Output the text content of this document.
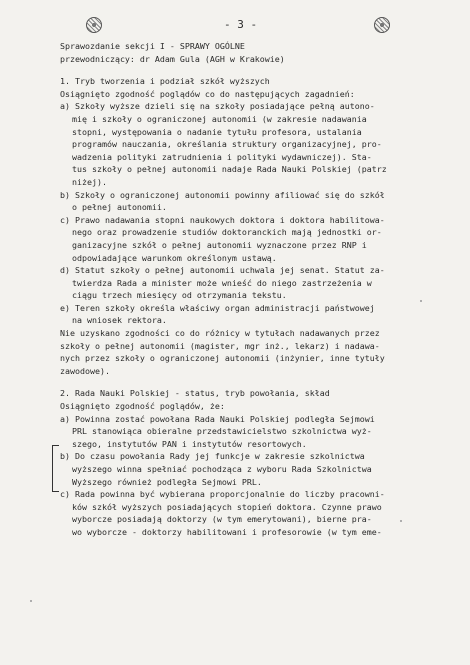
- 3 -
Sprawozdanie sekcji I - SPRAWY OGÓLNE
przewodniczący: dr Adam Gula (AGH w Krakowie)
1. Tryb tworzenia i podział szkół wyższych
Osiągnięto zgodność poglądów co do następujących zagadnień:
a) Szkoły wyższe dzieli się na szkoły posiadające pełną autono-
mię i szkoły o ograniczonej autonomii (w zakresie nadawania
stopni, występowania o nadanie tytułu profesora, ustalania
programów nauczania, określania struktury organizacyjnej, pro-
wadzenia polityki zatrudnienia i polityki wydawniczej). Sta-
tus szkoły o pełnej autonomii nadaje Rada Nauki Polskiej (patrz
niżej).
b) Szkoły o ograniczonej autonomii powinny afiliować się do szkół
o pełnej autonomii.
c) Prawo nadawania stopni naukowych doktora i doktora habilitowa-
nego oraz prowadzenie studiów doktoranckich mają jednostki or-
ganizacyjne szkół o pełnej autonomii wyznaczone przez RNP i
odpowiadające warunkom określonym ustawą.
d) Statut szkoły o pełnej autonomii uchwala jej senat. Statut za-
twierdza Rada a minister może wnieść do niego zastrzeżenia w
ciągu trzech miesięcy od otrzymania tekstu.
e) Teren szkoły określa właściwy organ administracji państwowej
na wniosek rektora.
Nie uzyskano zgodności co do różnicy w tytułach nadawanych przez
szkoły o pełnej autonomii (magister, mgr inż., lekarz) i nadawa-
nych przez szkoły o ograniczonej autonomii (inżynier, inne tytuły
zawodowe).
2. Rada Nauki Polskiej - status, tryb powołania, skład
Osiągnięto zgodność poglądów, że:
a) Powinna zostać powołana Rada Nauki Polskiej podległa Sejmowi
PRL stanowiąca obieralne przedstawicielstwo szkolnictwa wyż-
szego, instytutów PAN i instytutów resortowych.
b) Do czasu powołania Rady jej funkcje w zakresie szkolnictwa
wyższego winna spełniać pochodząca z wyboru Rada Szkolnictwa
Wyższego również podległa Sejmowi PRL.
c) Rada powinna być wybierana proporcjonalnie do liczby pracowni-
ków szkół wyższych posiadających stopień doktora. Czynne prawo
wyborcze posiadają doktorzy (w tym emerytowani), bierne pra-
wo wyborcze - doktorzy habilitowani i profesorowie (w tym eme-
